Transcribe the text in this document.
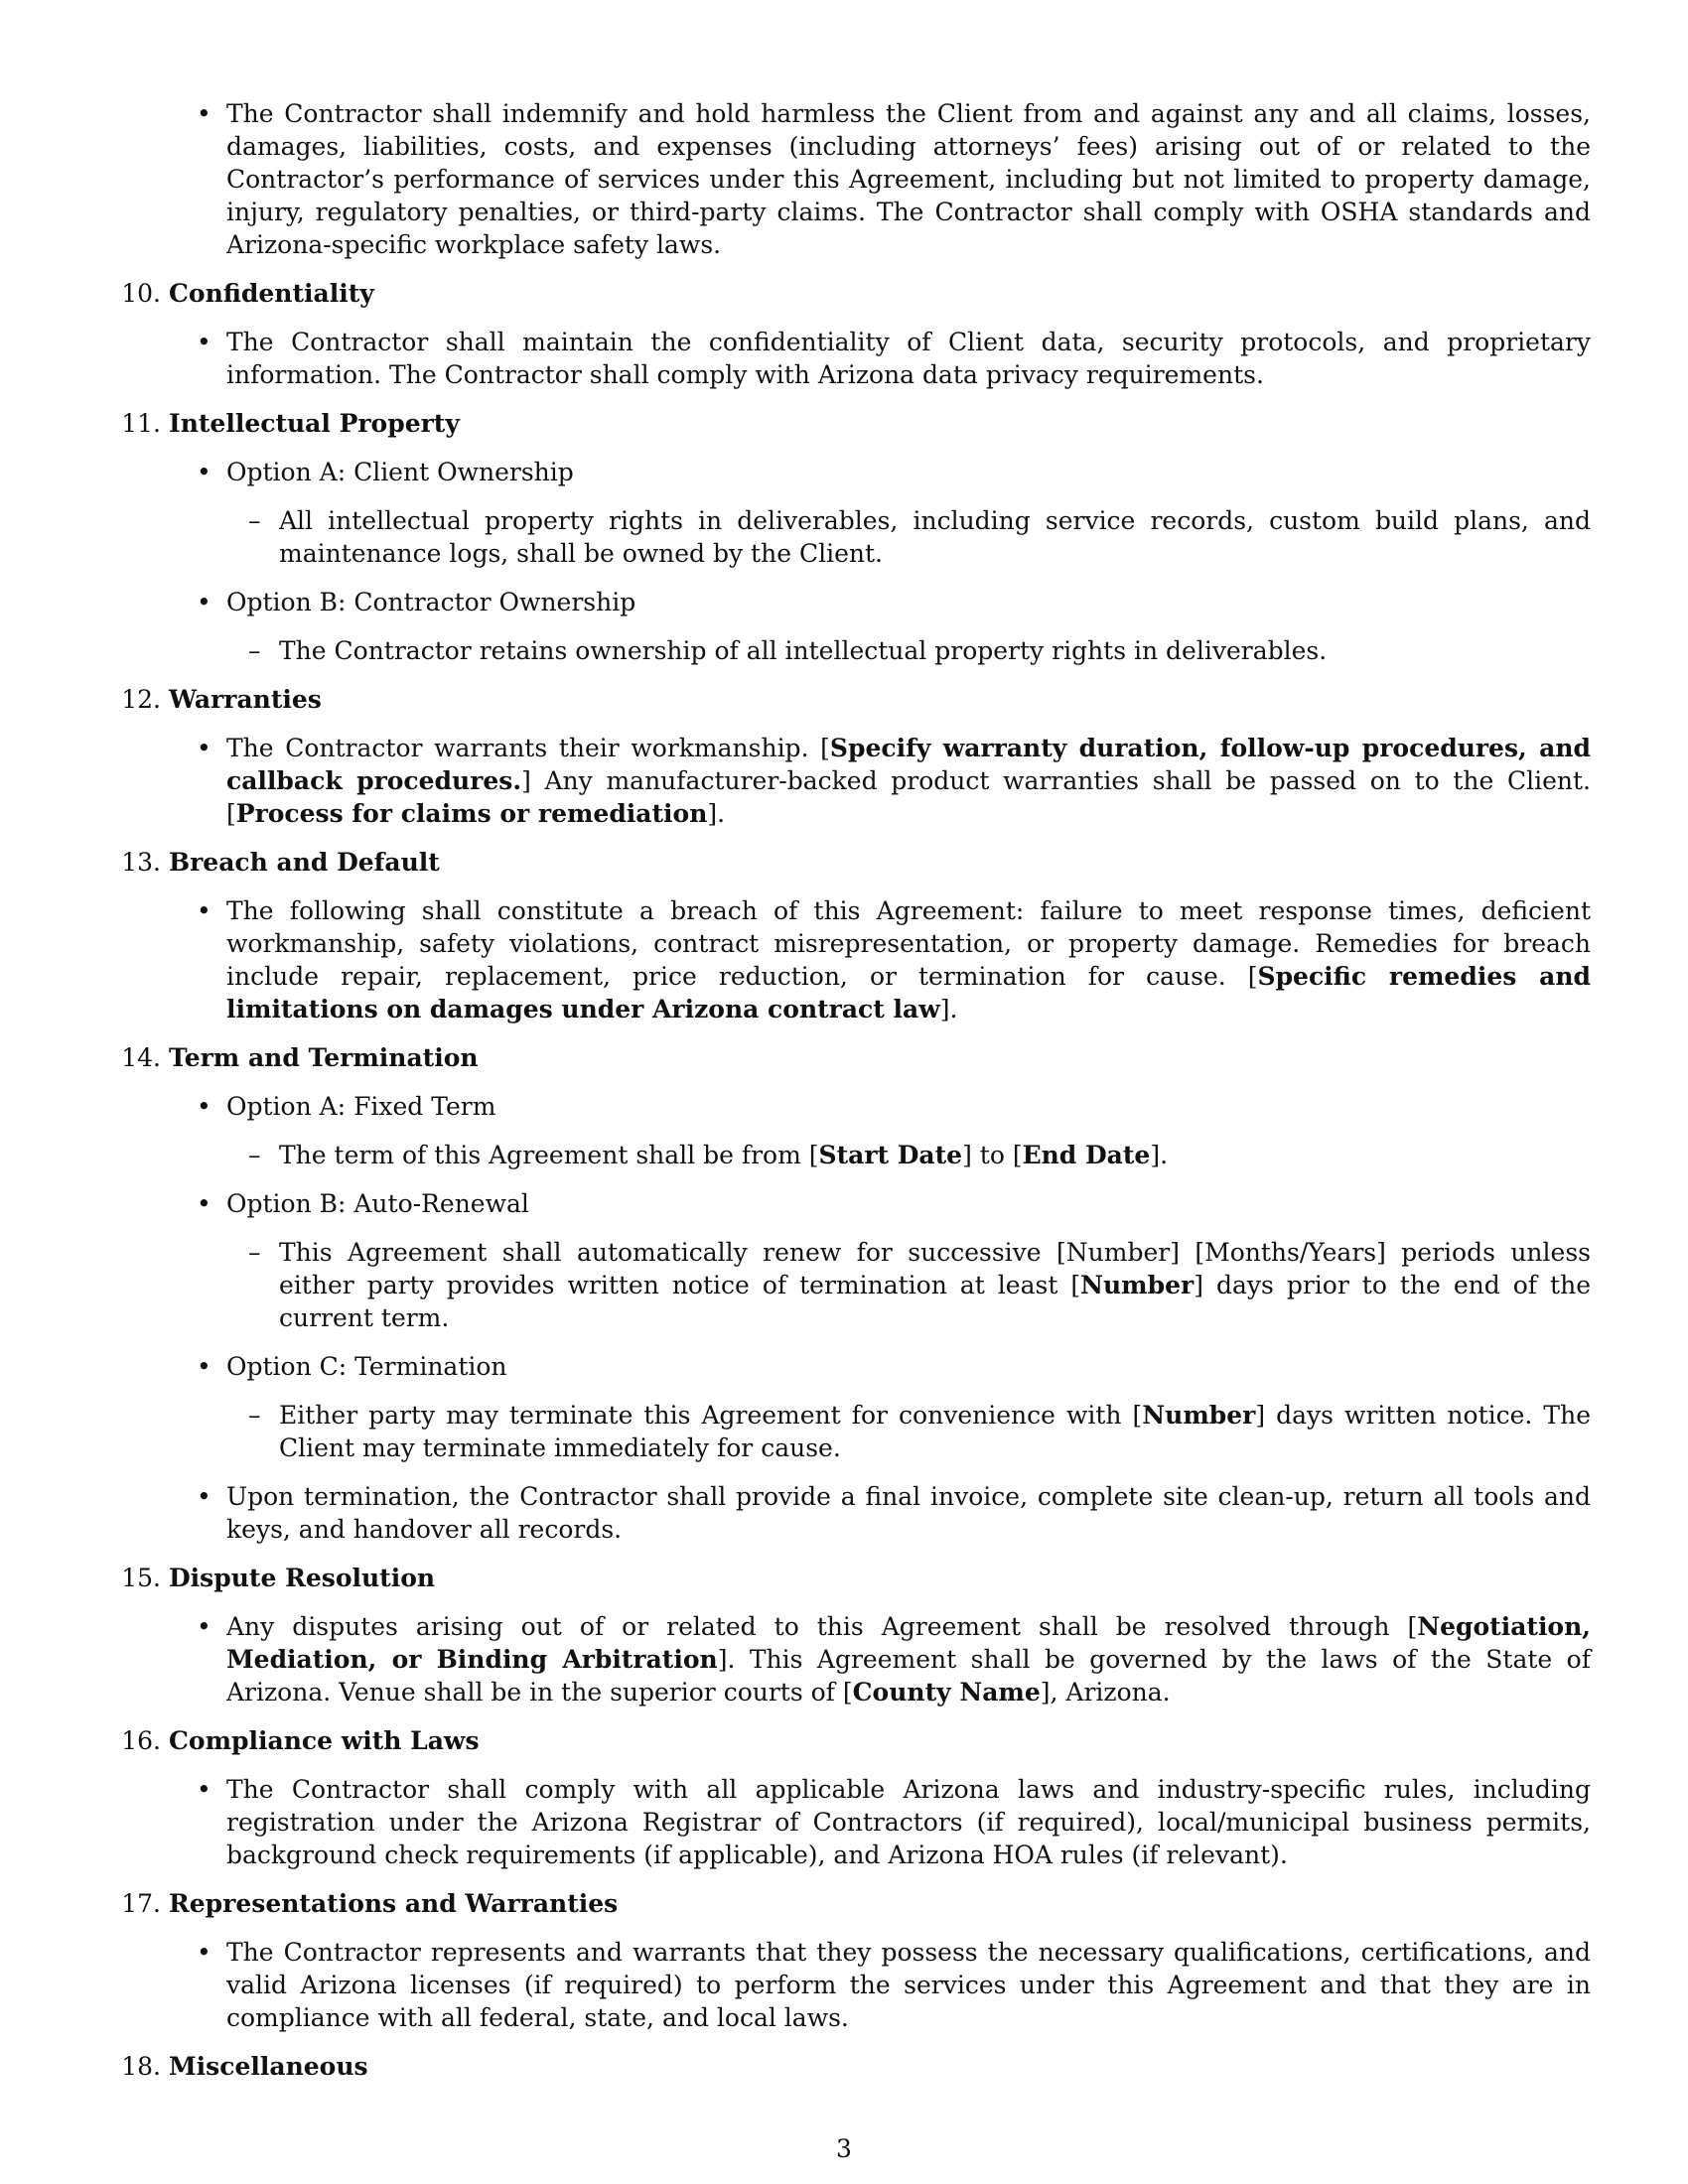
• The Contractor shall indemnify and hold harmless the Client from and against any and all claims, losses, damages, liabilities, costs, and expenses (including attorneys’ fees) arising out of or related to the Contractor’s performance of services under this Agreement, including but not limited to property damage, injury, regulatory penalties, or third-party claims. The Contractor shall comply with OSHA standards and Arizona-specific workplace safety laws.
10. Confidentiality
• The Contractor shall maintain the confidentiality of Client data, security protocols, and proprietary information. The Contractor shall comply with Arizona data privacy requirements.
11. Intellectual Property
• Option A: Client Ownership
– All intellectual property rights in deliverables, including service records, custom build plans, and maintenance logs, shall be owned by the Client.
• Option B: Contractor Ownership
– The Contractor retains ownership of all intellectual property rights in deliverables.
12. Warranties
• The Contractor warrants their workmanship. [Specify warranty duration, follow-up procedures, and callback procedures.] Any manufacturer-backed product warranties shall be passed on to the Client. [Process for claims or remediation].
13. Breach and Default
• The following shall constitute a breach of this Agreement: failure to meet response times, deficient workmanship, safety violations, contract misrepresentation, or property damage. Remedies for breach include repair, replacement, price reduction, or termination for cause. [Specific remedies and limitations on damages under Arizona contract law].
14. Term and Termination
• Option A: Fixed Term
– The term of this Agreement shall be from [Start Date] to [End Date].
• Option B: Auto-Renewal
– This Agreement shall automatically renew for successive [Number] [Months/Years] periods unless either party provides written notice of termination at least [Number] days prior to the end of the current term.
• Option C: Termination
– Either party may terminate this Agreement for convenience with [Number] days written notice. The Client may terminate immediately for cause.
• Upon termination, the Contractor shall provide a final invoice, complete site clean-up, return all tools and keys, and handover all records.
15. Dispute Resolution
• Any disputes arising out of or related to this Agreement shall be resolved through [Negotiation, Mediation, or Binding Arbitration]. This Agreement shall be governed by the laws of the State of Arizona. Venue shall be in the superior courts of [County Name], Arizona.
16. Compliance with Laws
• The Contractor shall comply with all applicable Arizona laws and industry-specific rules, including registration under the Arizona Registrar of Contractors (if required), local/municipal business permits, background check requirements (if applicable), and Arizona HOA rules (if relevant).
17. Representations and Warranties
• The Contractor represents and warrants that they possess the necessary qualifications, certifications, and valid Arizona licenses (if required) to perform the services under this Agreement and that they are in compliance with all federal, state, and local laws.
18. Miscellaneous
3
